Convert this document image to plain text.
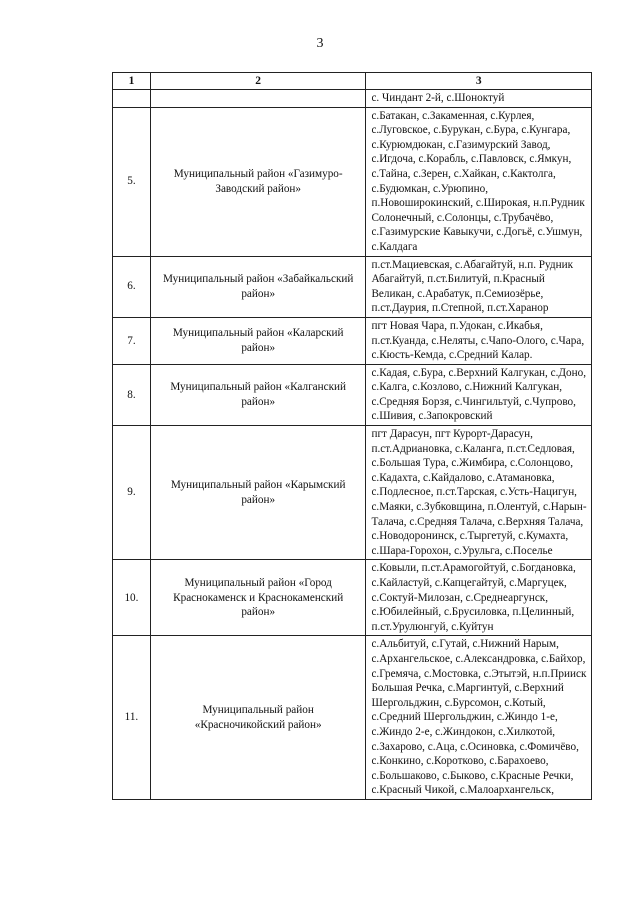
3
1	2	3
		с. Чиндант 2-й, с.Шоноктуй
5.	Муниципальный район «Газимуро-Заводский район»	с.Батакан, с.Закаменная, с.Курлея, с.Луговское, с.Бурукан, с.Бура, с.Кунгара, с.Курюмдюкан, с.Газимурский Завод, с.Игдоча, с.Корабль, с.Павловск, с.Ямкун, с.Тайна, с.Зерен, с.Хайкан, с.Кактолга, с.Будюмкан, с.Урюпино, п.Новоширокинский, с.Широкая, н.п.Рудник Солонечный, с.Солонцы, с.Трубачёво, с.Газимурские Кавыкучи, с.Догьё, с.Ушмун, с.Калдага
6.	Муниципальный район «Забайкальский район»	п.ст.Мациевская, с.Абагайтуй, н.п. Рудник Абагайтуй, п.ст.Билитуй, п.Красный Великан, с.Арабатук, п.Семиозёрье, п.ст.Даурия, п.Степной, п.ст.Харанор
7.	Муниципальный район «Каларский район»	пгт Новая Чара, п.Удокан, с.Икабья, п.ст.Куанда, с.Неляты, с.Чапо-Олого, с.Чара, с.Кюсть-Кемда, с.Средний Калар.
8.	Муниципальный район «Калганский район»	с.Кадая, с.Бура, с.Верхний Калгукан, с.Доно, с.Калга, с.Козлово, с.Нижний Калгукан, с.Средняя Борзя, с.Чингильтуй, с.Чупрово, с.Шивия, с.Запокровский
9.	Муниципальный район «Карымский район»	пгт Дарасун, пгт Курорт-Дарасун, п.ст.Адриановка, с.Каланга, п.ст.Седловая, с.Большая Тура, с.Жимбира, с.Солонцово, с.Кадахта, с.Кайдалово, с.Атамановка, с.Подлесное, п.ст.Тарская, с.Усть-Нацигун, с.Маяки, с.Зубковщина, п.Олентуй, с.Нарын-Талача, с.Средняя Талача, с.Верхняя Талача, с.Новодоронинск, с.Тыргетуй, с.Кумахта, с.Шара-Горохон, с.Урульга, с.Поселье
10.	Муниципальный район «Город Краснокаменск и Краснокаменский район»	с.Ковыли, п.ст.Арамогойтуй, с.Богдановка, с.Кайластуй, с.Капцегайтуй, с.Маргуцек, с.Соктуй-Милозан, с.Среднеаргунск, с.Юбилейный, с.Брусиловка, п.Целинный, п.ст.Урулюнгуй, с.Куйтун
11.	Муниципальный район «Красночикойский район»	с.Альбитуй, с.Гутай, с.Нижний Нарым, с.Архангельское, с.Александровка, с.Байхор, с.Гремяча, с.Мостовка, с.Этытэй, н.п.Прииск Большая Речка, с.Маргинтуй, с.Верхний Шергольджин, с.Бурсомон, с.Котый, с.Средний Шергольджин, с.Жиндо 1-е, с.Жиндо 2-е, с.Жиндокон, с.Хилкотой, с.Захарово, с.Аца, с.Осиновка, с.Фомичёво, с.Конкино, с.Коротково, с.Барахоево, с.Большаково, с.Быково, с.Красные Речки, с.Красный Чикой, с.Малоархангельск,
